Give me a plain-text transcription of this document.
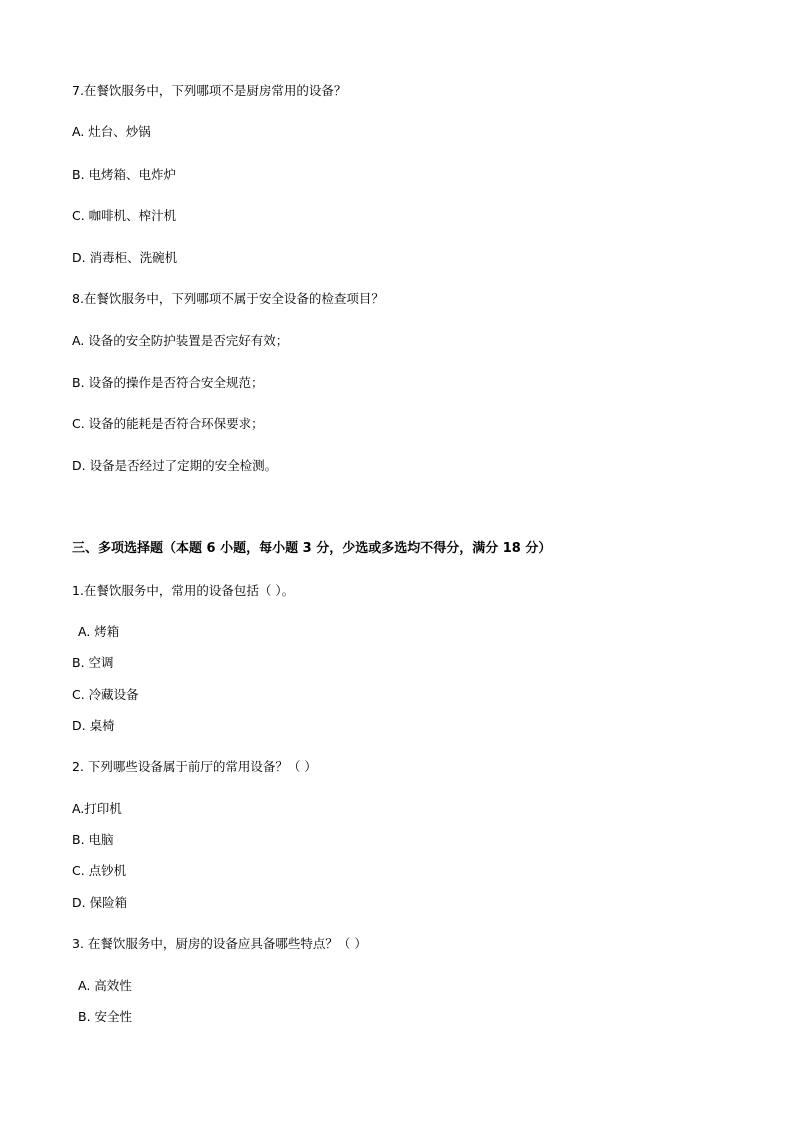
7.在餐饮服务中，下列哪项不是厨房常用的设备？
A. 灶台、炒锅
B. 电烤箱、电炸炉
C. 咖啡机、榨汁机
D. 消毒柜、洗碗机
8.在餐饮服务中，下列哪项不属于安全设备的检查项目？
A. 设备的安全防护装置是否完好有效；
B. 设备的操作是否符合安全规范；
C. 设备的能耗是否符合环保要求；
D. 设备是否经过了定期的安全检测。
三、多项选择题（本题 6 小题，每小题 3 分，少选或多选均不得分，满分 18 分）
1.在餐饮服务中，常用的设备包括（ ）。
A. 烤箱
B. 空调
C. 冷藏设备
D. 桌椅
2. 下列哪些设备属于前厅的常用设备？（ ）
A.打印机
B. 电脑
C. 点钞机
D. 保险箱
3. 在餐饮服务中，厨房的设备应具备哪些特点？（ ）
A. 高效性
B. 安全性
